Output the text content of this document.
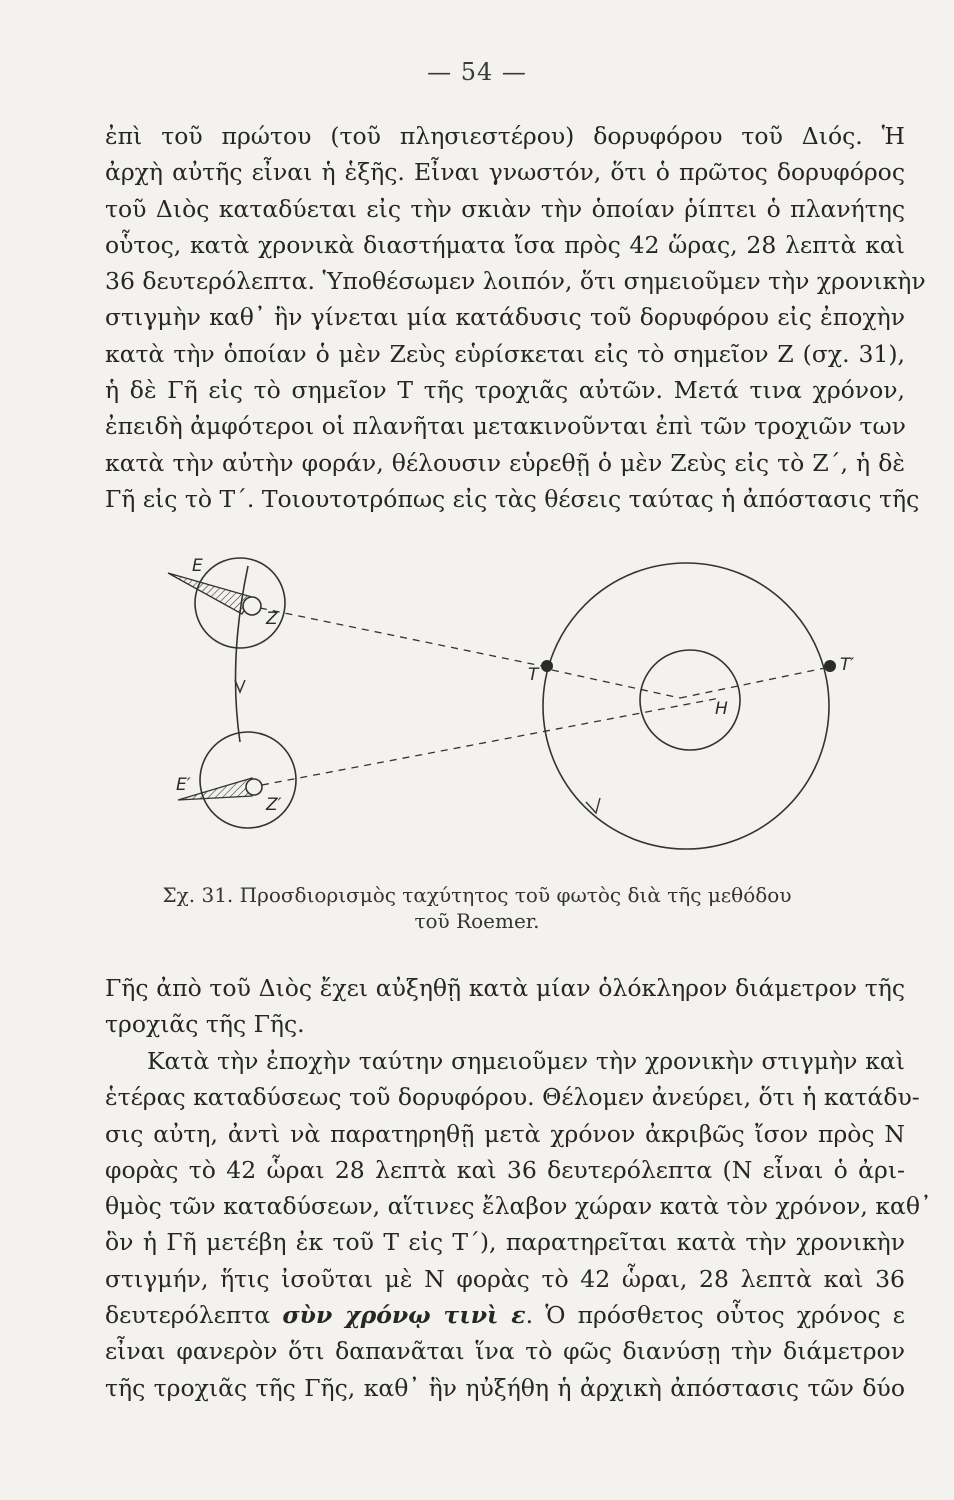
— 54 —
ἐπὶ τοῦ πρώτου (τοῦ πλησιεστέρου) δορυφόρου τοῦ Διός. Ἡ
ἀρχὴ αὐτῆς εἶναι ἡ ἑξῆς. Εἶναι γνωστόν, ὅτι ὁ πρῶτος δορυφόρος
τοῦ Διὸς καταδύεται εἰς τὴν σκιὰν τὴν ὁποίαν ῥίπτει ὁ πλανήτης
οὗτος, κατὰ χρονικὰ διαστήματα ἴσα πρὸς 42 ὥρας, 28 λεπτὰ καὶ
36 δευτερόλεπτα. Ὑποθέσωμεν λοιπόν, ὅτι σημειοῦμεν τὴν χρονικὴν
στιγμὴν καθ᾽ ἣν γίνεται μία κατάδυσις τοῦ δορυφόρου εἰς ἐποχὴν
κατὰ τὴν ὁποίαν ὁ μὲν Ζεὺς εὑρίσκεται εἰς τὸ σημεῖον Ζ (σχ. 31),
ἡ δὲ Γῆ εἰς τὸ σημεῖον Τ τῆς τροχιᾶς αὐτῶν. Μετά τινα χρόνον,
ἐπειδὴ ἀμφότεροι οἱ πλανῆται μετακινοῦνται ἐπὶ τῶν τροχιῶν των
κατὰ τὴν αὐτὴν φοράν, θέλουσιν εὑρεθῇ ὁ μὲν Ζεὺς εἰς τὸ Ζ΄, ἡ δὲ
Γῆ εἰς τὸ Τ΄. Τοιουτοτρόπως εἰς τὰς θέσεις ταύτας ἡ ἀπόστασις τῆς
E
Z
E′
Z′
H
T	T′
Σχ. 31. Προσδιορισμὸς ταχύτητος τοῦ φωτὸς διὰ τῆς μεθόδου
τοῦ Roemer.
Γῆς ἀπὸ τοῦ Διὸς ἔχει αὐξηθῇ κατὰ μίαν ὁλόκληρον διάμετρον τῆς
τροχιᾶς τῆς Γῆς.
Κατὰ τὴν ἐποχὴν ταύτην σημειοῦμεν τὴν χρονικὴν στιγμὴν καὶ
ἑτέρας καταδύσεως τοῦ δορυφόρου. Θέλομεν ἀνεύρει, ὅτι ἡ κατάδυ-
σις αὐτη, ἀντὶ νὰ παρατηρηθῇ μετὰ χρόνον ἀκριβῶς ἴσον πρὸς Ν
φορὰς τὸ 42 ὧραι 28 λεπτὰ καὶ 36 δευτερόλεπτα (Ν εἶναι ὁ ἀρι-
θμὸς τῶν καταδύσεων, αἵτινες ἔλαβον χώραν κατὰ τὸν χρόνον, καθ᾽
ὃν ἡ Γῆ μετέβη ἐκ τοῦ Τ εἰς Τ΄), παρατηρεῖται κατὰ τὴν χρονικὴν
στιγμήν, ἥτις ἰσοῦται μὲ Ν φορὰς τὸ 42 ὧραι, 28 λεπτὰ καὶ 36
δευτερόλεπτα σὺν χρόνῳ τινὶ ε. Ὁ πρόσθετος οὗτος χρόνος ε
εἶναι φανερὸν ὅτι δαπανᾶται ἵνα τὸ φῶς διανύσῃ τὴν διάμετρον
τῆς τροχιᾶς τῆς Γῆς, καθ᾽ ἣν ηὐξήθη ἡ ἀρχικὴ ἀπόστασις τῶν δύο
